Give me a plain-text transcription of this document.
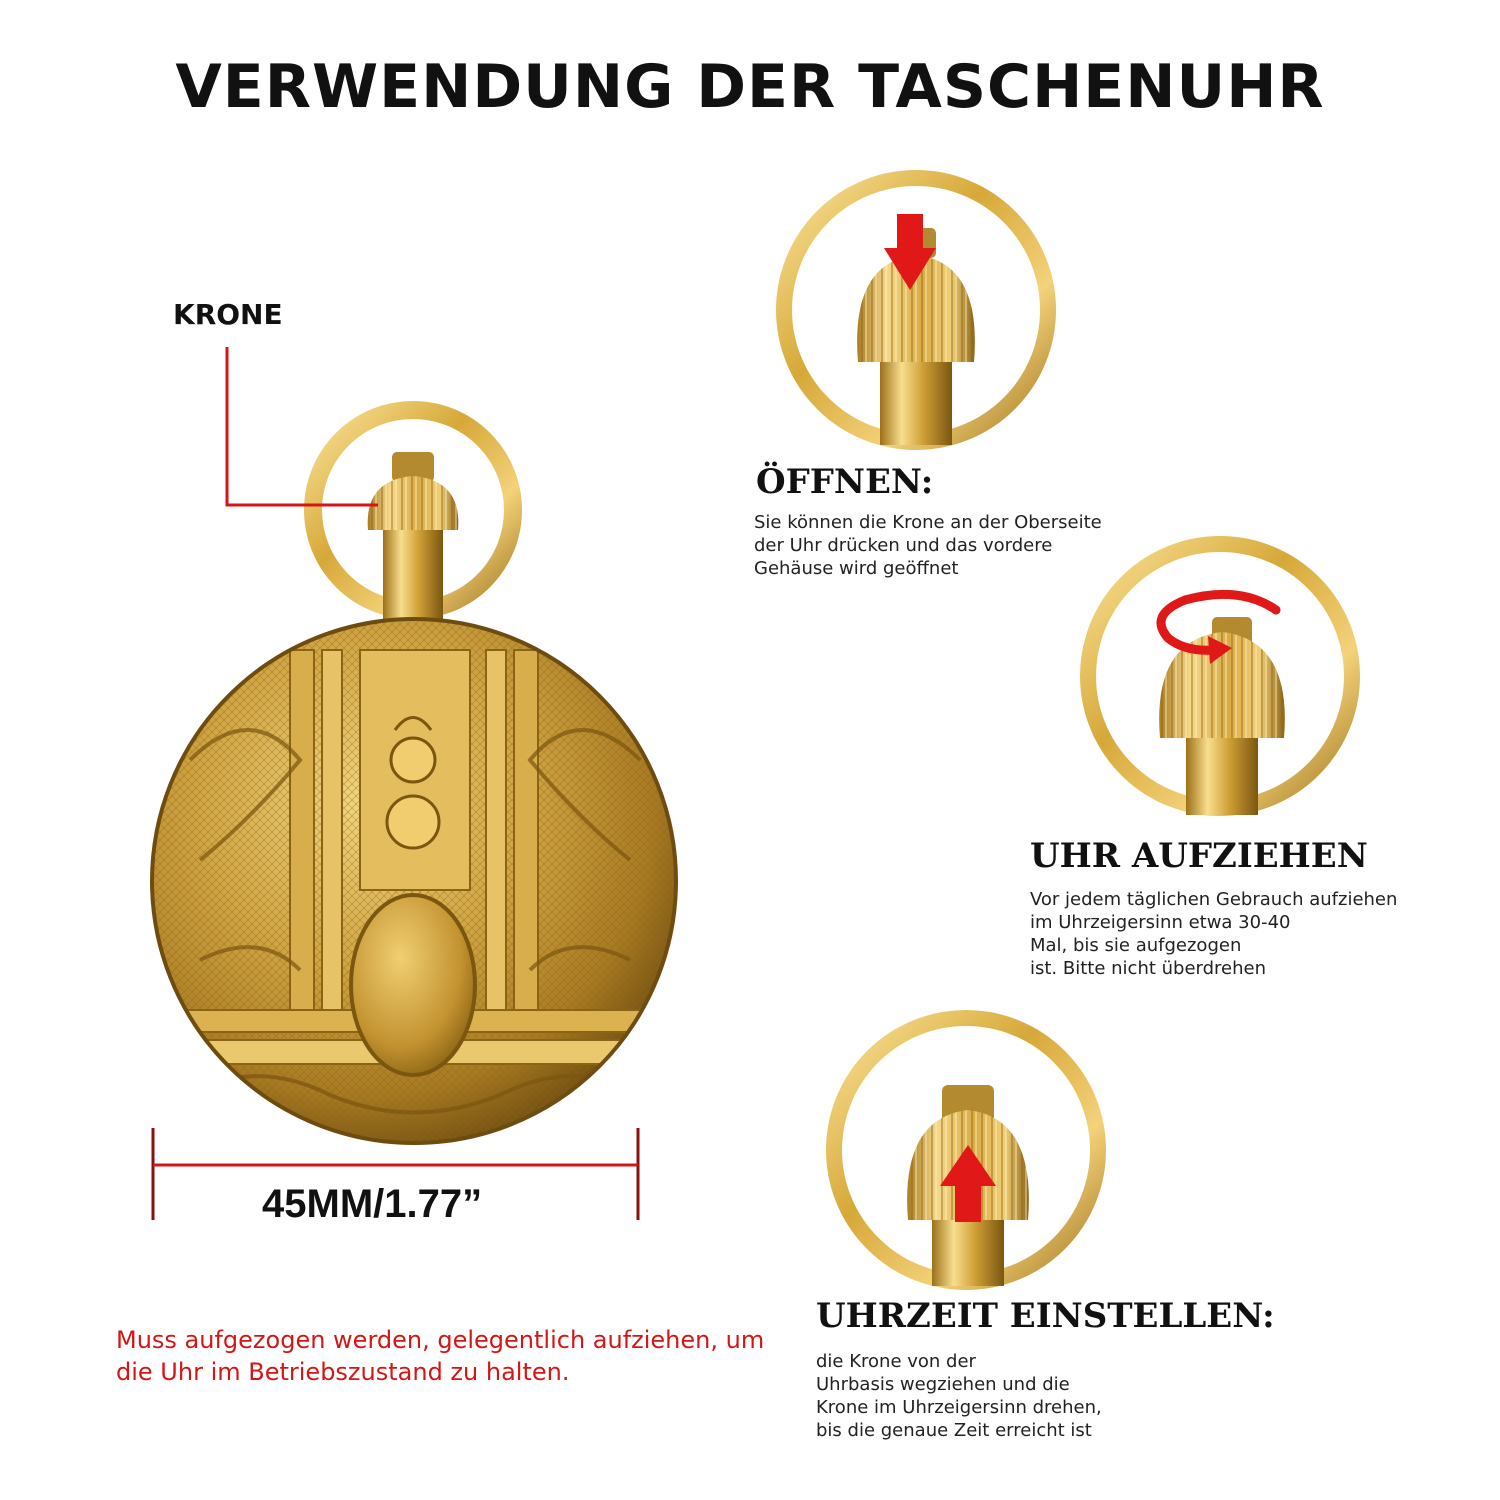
VERWENDUNG DER TASCHENUHR
KRONE
45MM/1.77”
ÖFFNEN:
Sie können die Krone an der Oberseite
der Uhr drücken und das vordere
Gehäuse wird geöffnet
UHR AUFZIEHEN
Vor jedem täglichen Gebrauch aufziehen
im Uhrzeigersinn etwa 30-40
Mal, bis sie aufgezogen
ist. Bitte nicht überdrehen
UHRZEIT EINSTELLEN:
die Krone von der
Uhrbasis wegziehen und die
Krone im Uhrzeigersinn drehen,
bis die genaue Zeit erreicht ist
Muss aufgezogen werden, gelegentlich aufziehen, um
die Uhr im Betriebszustand zu halten.
